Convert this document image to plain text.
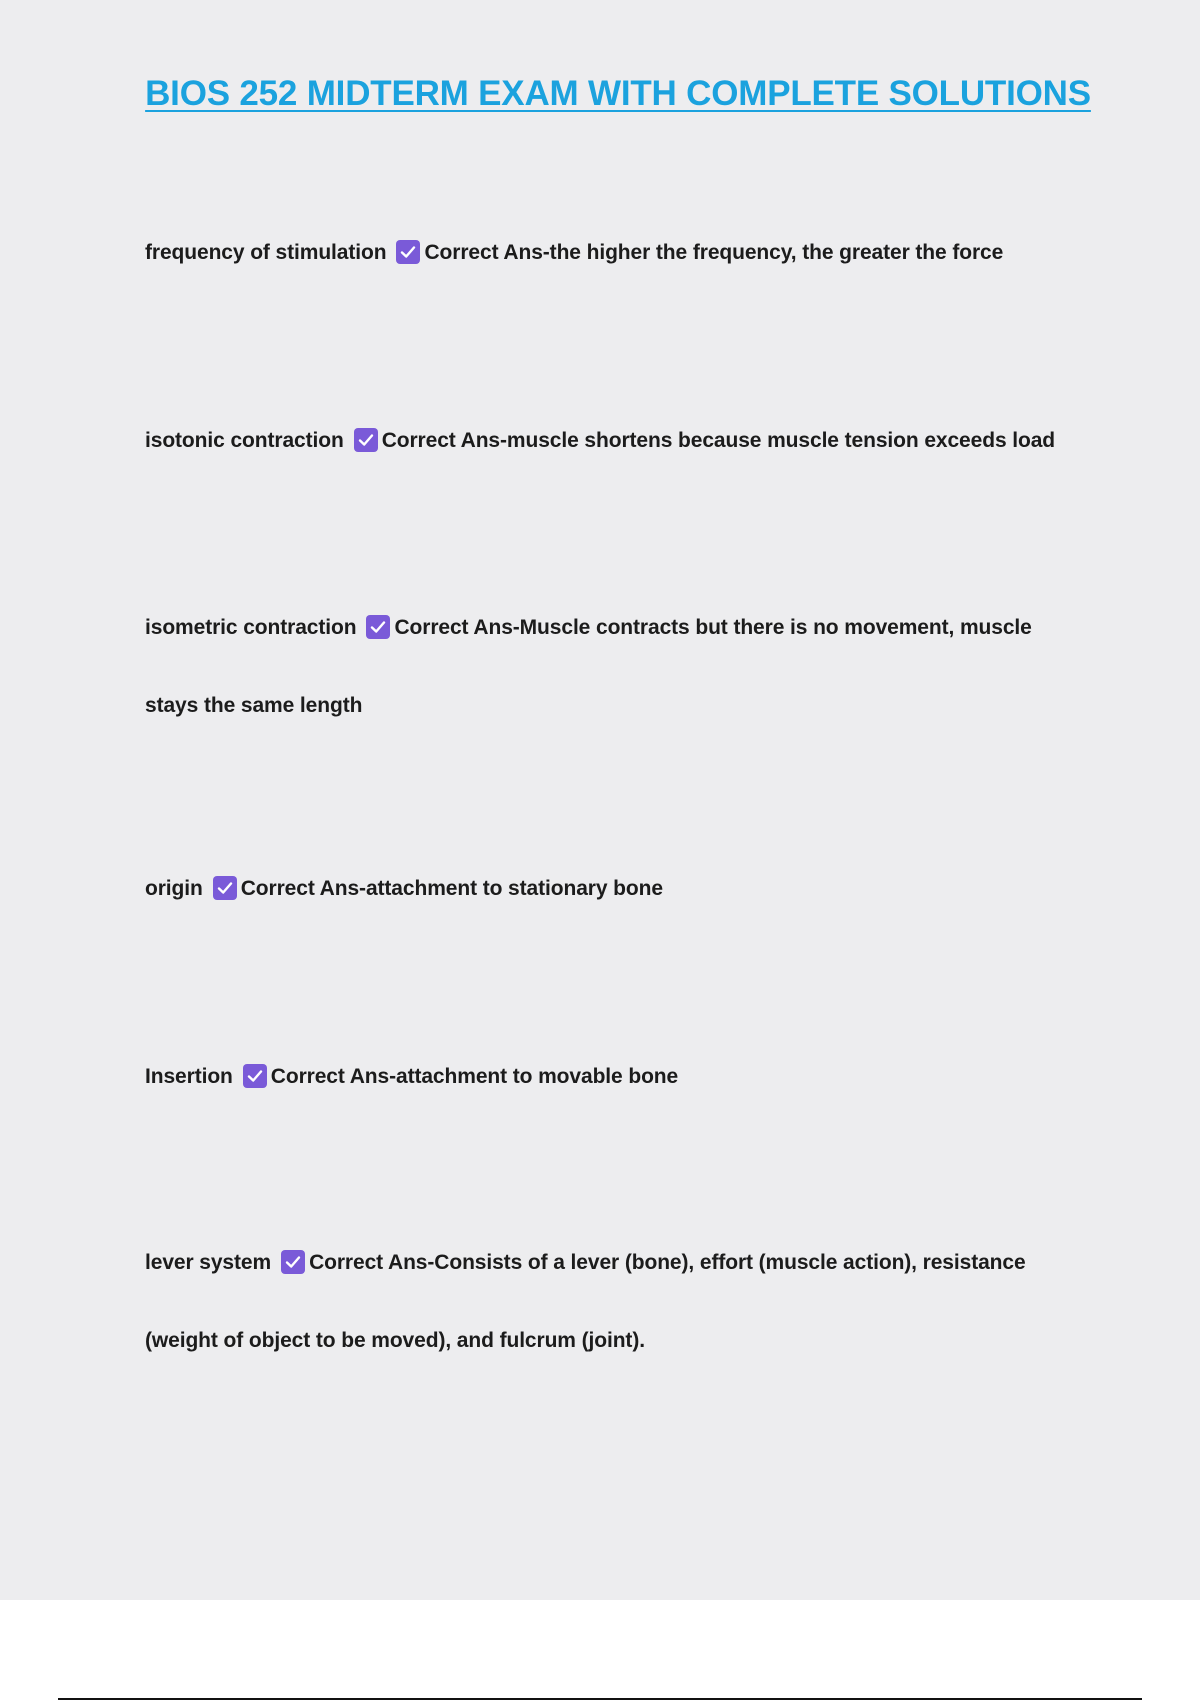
BIOS 252 MIDTERM EXAM WITH COMPLETE SOLUTIONS
frequency of stimulation Correct Ans-the higher the frequency, the greater the force
isotonic contraction Correct Ans-muscle shortens because muscle tension exceeds load
isometric contraction Correct Ans-Muscle contracts but there is no movement, muscle
stays the same length
origin Correct Ans-attachment to stationary bone
Insertion Correct Ans-attachment to movable bone
lever system Correct Ans-Consists of a lever (bone), effort (muscle action), resistance
(weight of object to be moved), and fulcrum (joint).
